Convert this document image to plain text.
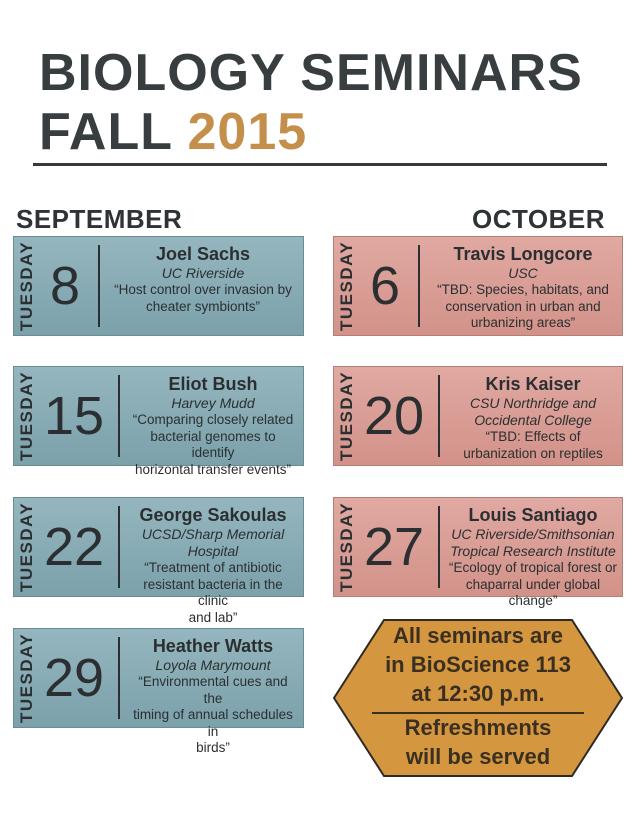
BIOLOGY SEMINARS
FALL 2015
SEPTEMBER	OCTOBER
TUESDAY 8
Joel Sachs
UC Riverside
“Host control over invasion by
cheater symbionts”
TUESDAY 15
Eliot Bush
Harvey Mudd
“Comparing closely related
bacterial genomes to identify
horizontal transfer events”
TUESDAY 22
George Sakoulas
UCSD/Sharp Memorial Hospital
“Treatment of antibiotic
resistant bacteria in the clinic
and lab”
TUESDAY 29
Heather Watts
Loyola Marymount
“Environmental cues and the
timing of annual schedules in
birds”
TUESDAY 6
Travis Longcore
USC
“TBD: Species, habitats, and
conservation in urban and
urbanizing areas”
TUESDAY 20
Kris Kaiser
CSU Northridge and
Occidental College
“TBD: Effects of
urbanization on reptiles
TUESDAY 27
Louis Santiago
UC Riverside/Smithsonian
Tropical Research Institute
“Ecology of tropical forest or
chaparral under global
change”
All seminars are
in BioScience 113
at 12:30 p.m.
Refreshments
will be served
